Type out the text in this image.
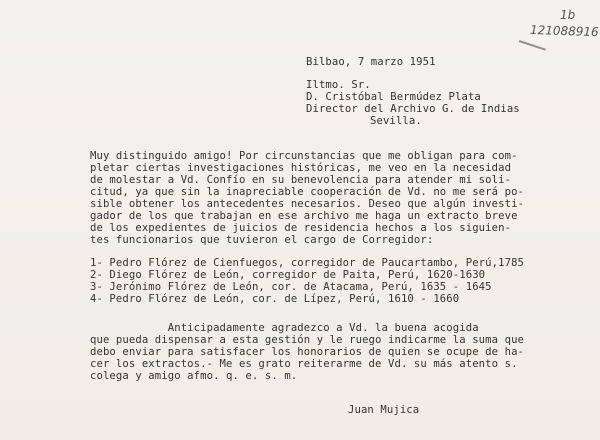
1b
121088916
Bilbao, 7 marzo 1951
Iltmo. Sr.
D. Cristóbal Bermúdez Plata
Director del Archivo G. de Indias
Sevilla.
Muy distinguido amigo! Por circunstancias que me obligan para com-
pletar ciertas investigaciones históricas, me veo en la necesidad
de molestar a Vd. Confío en su benevolencia para atender mi soli-
citud, ya que sin la inapreciable cooperación de Vd. no me será po-
sible obtener los antecedentes necesarios. Deseo que algún investi-
gador de los que trabajan en ese archivo me haga un extracto breve
de los expedientes de juicios de residencia hechos a los siguien-
tes funcionarios que tuvieron el cargo de Corregidor:
1- Pedro Flórez de Cienfuegos, corregidor de Paucartambo, Perú,1785
2- Diego Flórez de León, corregidor de Paita, Perú, 1620-1630
3- Jerónimo Flórez de León, cor. de Atacama, Perú, 1635 - 1645
4- Pedro Flórez de León, cor. de Lípez, Perú, 1610 - 1660
Anticipadamente agradezco a Vd. la buena acogida
que pueda dispensar a esta gestión y le ruego indicarme la suma que
debo enviar para satisfacer los honorarios de quien se ocupe de ha-
cer los extractos.- Me es grato reiterarme de Vd. su más atento s.
colega y amigo afmo. q. e. s. m.
Juan Mujica
